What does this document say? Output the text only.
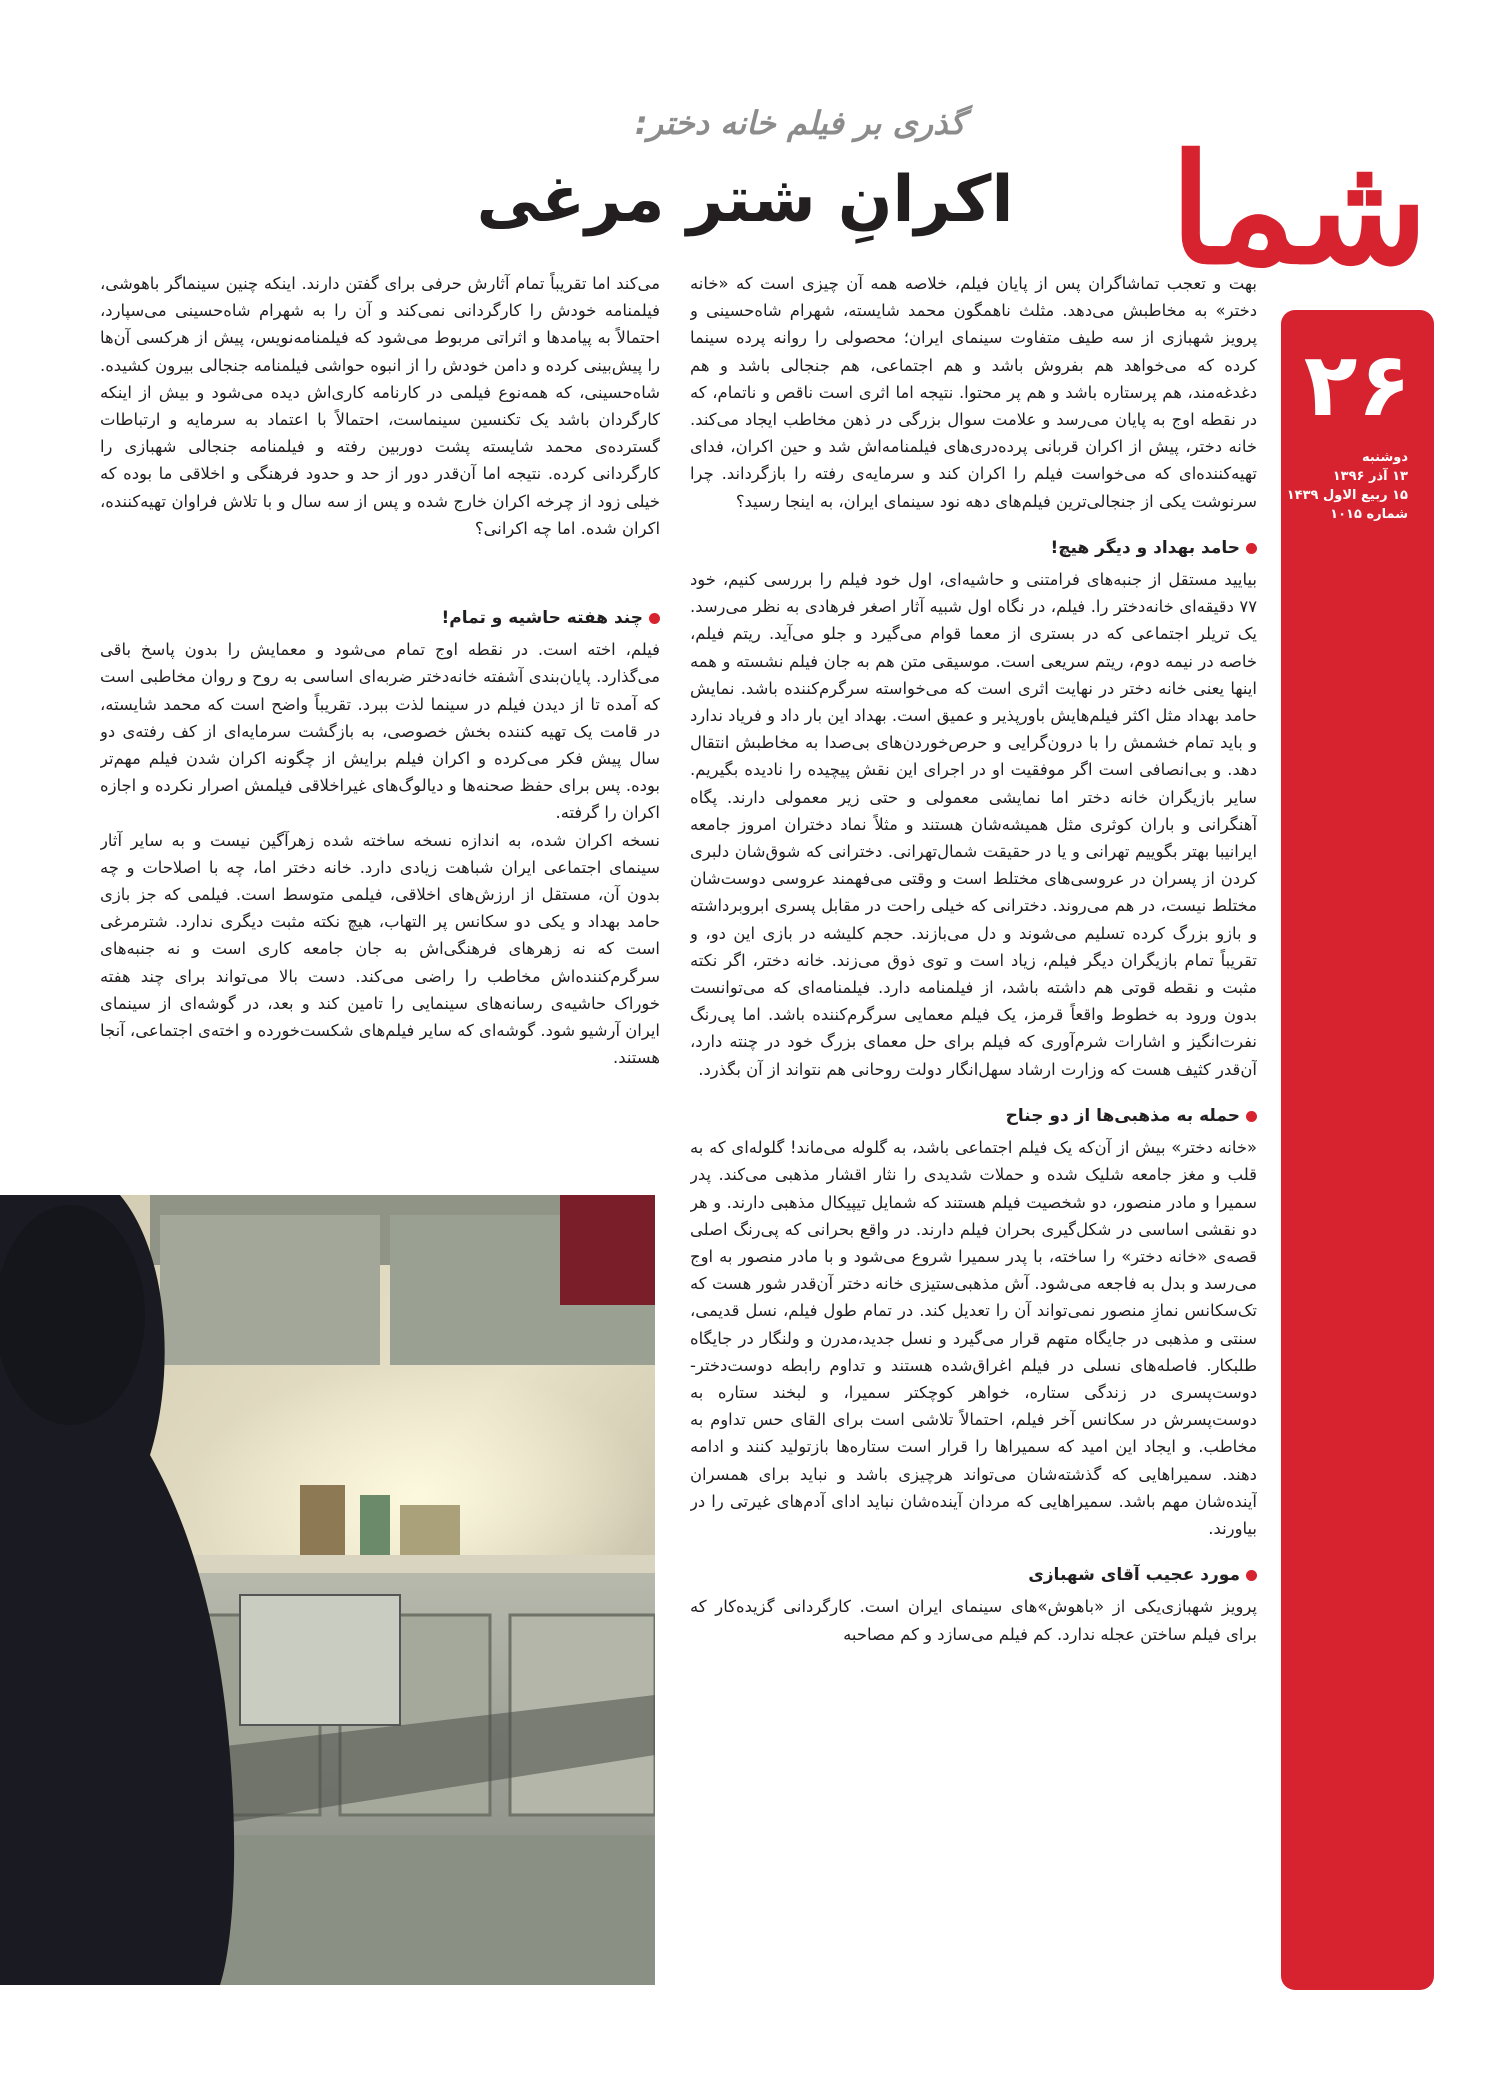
شما
۲۶
دوشنبه
۱۳ آذر ۱۳۹۶
۱۵ ربیع الاول ۱۴۳۹
شماره ۱۰۱۵
گذری بر فیلم خانه دختر:
اکرانِ شتر مرغی

بهت و تعجب تماشاگران پس از پایان فیلم، خلاصه همه آن چیزی است که «خانه دختر» به مخاطبش می‌دهد. مثلث ناهمگون محمد شایسته، شهرام شاه‌حسینی و پرویز شهبازی از سه طیف متفاوت سینمای ایران؛ محصولی را روانه پرده سینما کرده که می‌خواهد هم بفروش باشد و هم اجتماعی، هم جنجالی باشد و هم دغدغه‌مند، هم پرستاره باشد و هم پر محتوا. نتیجه اما اثری است ناقص و ناتمام، که در نقطه اوج به پایان می‌رسد و علامت سوال بزرگی در ذهن مخاطب ایجاد می‌کند. خانه دختر، پیش از اکران قربانی پرده‌دری‌های فیلمنامه‌اش شد و حین اکران، فدای تهیه‌کننده‌ای که می‌خواست فیلم را اکران کند و سرمایه‌ی رفته را بازگرداند. چرا سرنوشت یکی از جنجالی‌ترین فیلم‌های دهه نود سینمای ایران، به اینجا رسید؟

حامد بهداد و دیگر هیچ!

بیایید مستقل از جنبه‌های فرامتنی و حاشیه‌ای، اول خود فیلم را بررسی کنیم، خود ۷۷ دقیقه‌ای خانه‌دختر را. فیلم، در نگاه اول شبیه آثار اصغر فرهادی به نظر می‌رسد. یک تریلر اجتماعی که در بستری از معما قوام می‌گیرد و جلو می‌آید. ریتم فیلم، خاصه در نیمه دوم، ریتم سریعی است. موسیقی متن هم به جان فیلم نشسته و همه اینها یعنی خانه دختر در نهایت اثری است که می‌خواسته سرگرم‌کننده باشد. نمایش حامد بهداد مثل اکثر فیلم‌هایش باورپذیر و عمیق است. بهداد این بار داد و فریاد ندارد و باید تمام خشمش را با درون‌گرایی و حرص‌خوردن‌های بی‌صدا به مخاطبش انتقال دهد. و بی‌انصافی است اگر موفقیت او در اجرای این نقش پیچیده را نادیده بگیریم. سایر بازیگران خانه دختر اما نمایشی معمولی و حتی زیر معمولی دارند. پگاه آهنگرانی و باران کوثری مثل همیشه‌شان هستند و مثلاً نماد دختران امروز جامعه ایرانیبا بهتر بگوییم تهرانی و یا در حقیقت شمال‌تهرانی. دخترانی که شوق‌شان دلبری کردن از پسران در عروسی‌های مختلط است و وقتی می‌فهمند عروسی دوست‌شان مختلط نیست، در هم می‌روند. دخترانی که خیلی راحت در مقابل پسری ابروبرداشته و بازو بزرگ کرده تسلیم می‌شوند و دل می‌بازند. حجم کلیشه در بازی این دو، و تقریباً تمام بازیگران دیگر فیلم، زیاد است و توی ذوق می‌زند. خانه دختر، اگر نکته مثبت و نقطه قوتی هم داشته باشد، از فیلمنامه دارد. فیلمنامه‌ای که می‌توانست بدون ورود به خطوط واقعاً قرمز، یک فیلم معمایی سرگرم‌کننده باشد. اما پی‌رنگ نفرت‌انگیز و اشارات شرم‌آوری که فیلم برای حل معمای بزرگ خود در چنته دارد، آن‌قدر کثیف هست که وزارت ارشاد سهل‌انگار دولت روحانی هم نتواند از آن بگذرد.

حمله به مذهبی‌ها از دو جناح

«خانه دختر» بیش از آن‌که یک فیلم اجتماعی باشد، به گلوله می‌ماند! گلوله‌ای که به قلب و مغز جامعه شلیک شده و حملات شدیدی را نثار اقشار مذهبی می‌کند. پدر سمیرا و مادر منصور، دو شخصیت فیلم هستند که شمایل تیپیکال مذهبی دارند. و هر دو نقشی اساسی در شکل‌گیری بحران فیلم دارند. در واقع بحرانی که پی‌رنگ اصلی قصه‌ی «خانه دختر» را ساخته، با پدر سمیرا شروع می‌شود و با مادر منصور به اوج می‌رسد و بدل به فاجعه می‌شود. آش مذهبی‌ستیزی خانه دختر آن‌قدر شور هست که تک‌سکانس نمازِ منصور نمی‌تواند آن را تعدیل کند. در تمام طول فیلم، نسل قدیمی، سنتی و مذهبی در جایگاه متهم قرار می‌گیرد و نسل جدید،مدرن و ولنگار در جایگاه طلبکار. فاصله‌های نسلی در فیلم اغراق‌شده هستند و تداوم رابطه دوست‌دختر-دوست‌پسری در زندگی ستاره، خواهر کوچکتر سمیرا، و لبخند ستاره به دوست‌پسرش در سکانس آخر فیلم، احتمالاً تلاشی است برای القای حس تداوم به مخاطب. و ایجاد این امید که سمیراها را قرار است ستاره‌ها بازتولید کنند و ادامه دهند. سمیراهایی که گذشته‌شان می‌تواند هرچیزی باشد و نباید برای همسران آینده‌شان مهم باشد. سمیراهایی که مردان آینده‌شان نباید ادای آدم‌های غیرتی را در بیاورند.

مورد عجیب آقای شهبازی

پرویز شهبازی‌یکی از «باهوش»های سینمای ایران است. کارگردانی گزیده‌کار که برای فیلم ساختن عجله ندارد. کم فیلم می‌سازد و کم مصاحبه

می‌کند اما تقریباً تمام آثارش حرفی برای گفتن دارند. اینکه چنین سینماگر باهوشی، فیلمنامه خودش را کارگردانی نمی‌کند و آن را به شهرام شاه‌حسینی می‌سپارد، احتمالاً به پیامدها و اثراتی مربوط می‌شود که فیلمنامه‌نویس، پیش از هرکسی آن‌ها را پیش‌بینی کرده و دامن خودش را از انبوه حواشی فیلمنامه جنجالی بیرون کشیده. شاه‌حسینی، که همه‌نوع فیلمی در کارنامه کاری‌اش دیده می‌شود و بیش از اینکه کارگردان باشد یک تکنسین سینماست، احتمالاً با اعتماد به سرمایه و ارتباطات گسترده‌ی محمد شایسته پشت دوربین رفته و فیلمنامه جنجالی شهبازی را کارگردانی کرده. نتیجه اما آن‌قدر دور از حد و حدود فرهنگی و اخلاقی ما بوده که خیلی زود از چرخه اکران خارج شده و پس از سه سال و با تلاش فراوان تهیه‌کننده، اکران شده. اما چه اکرانی؟

چند هفته حاشیه و تمام!

فیلم، اخته است. در نقطه اوج تمام می‌شود و معمایش را بدون پاسخ باقی می‌گذارد. پایان‌بندی آشفته خانه‌دختر ضربه‌ای اساسی به روح و روان مخاطبی است که آمده تا از دیدن فیلم در سینما لذت ببرد. تقریباً واضح است که محمد شایسته، در قامت یک تهیه کننده بخش خصوصی، به بازگشت سرمایه‌ای از کف رفته‌ی دو سال پیش فکر می‌کرده و اکران فیلم برایش از چگونه اکران شدن فیلم مهم‌تر بوده. پس برای حفظ صحنه‌ها و دیالوگ‌های غیراخلاقی فیلمش اصرار نکرده و اجازه اکران را گرفته.

نسخه اکران شده، به اندازه نسخه ساخته شده زهرآگین نیست و به سایر آثار سینمای اجتماعی ایران شباهت زیادی دارد. خانه دختر اما، چه با اصلاحات و چه بدون آن، مستقل از ارزش‌های اخلاقی، فیلمی متوسط است. فیلمی که جز بازی حامد بهداد و یکی دو سکانس پر التهاب، هیچ نکته مثبت دیگری ندارد. شترمرغی است که نه زهرهای فرهنگی‌اش به جان جامعه کاری است و نه جنبه‌های سرگرم‌کننده‌اش مخاطب را راضی می‌کند. دست بالا می‌تواند برای چند هفته خوراک حاشیه‌ی رسانه‌های سینمایی را تامین کند و بعد، در گوشه‌ای از سینمای ایران آرشیو شود. گوشه‌ای که سایر فیلم‌های شکست‌خورده و اخته‌ی اجتماعی، آنجا هستند.
